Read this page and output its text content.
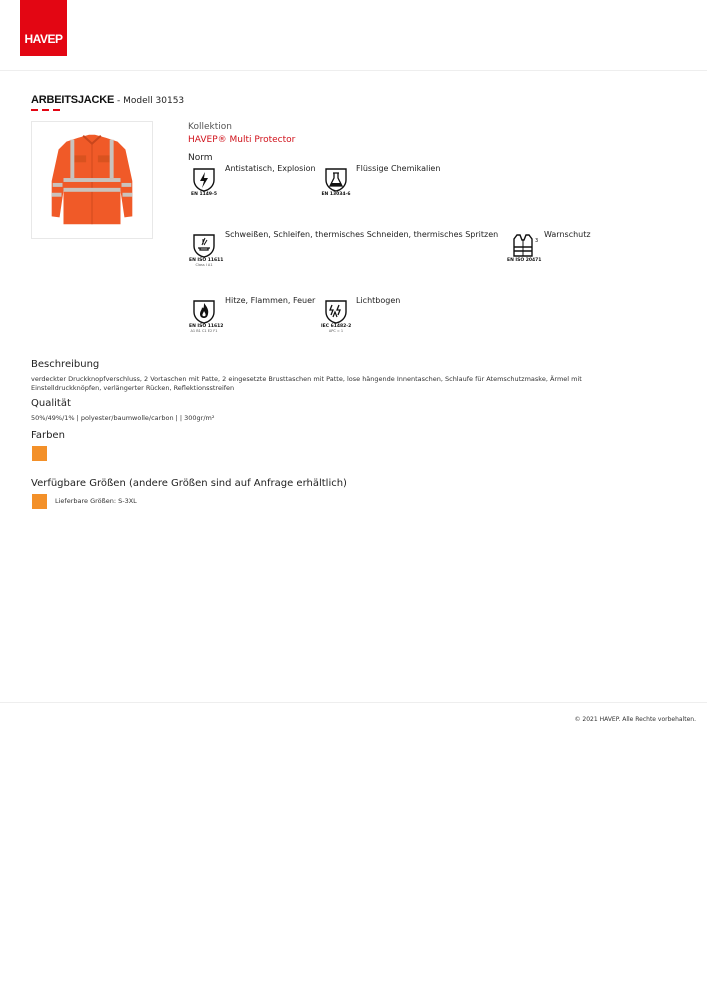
HAVEP
ARBEITSJACKE - Modell 30153
Kollektion
HAVEP® Multi Protector
Norm
EN 1149-5
Antistatisch, Explosion
EN 13034-6
Flüssige Chemikalien
EN ISO 11611
Class I A1
Schweißen, Schleifen, thermisches Schneiden, thermisches Spritzen
3
EN ISO 20471
Warnschutz
EN ISO 11612
A1 B1 C1 E2 F1
Hitze, Flammen, Feuer
IEC 61482-2
APC = 1
Lichtbogen
Beschreibung
verdeckter Druckknopfverschluss, 2 Vortaschen mit Patte, 2 eingesetzte Brusttaschen mit Patte, lose hängende Innentaschen, Schlaufe für Atemschutzmaske, Ärmel mit Einstelldruckknöpfen, verlängerter Rücken, Reflektionsstreifen
Qualität
50%/49%/1% | polyester/baumwolle/carbon | | 300gr/m²
Farben
Verfügbare Größen (andere Größen sind auf Anfrage erhältlich)
Lieferbare Größen: S-3XL
© 2021 HAVEP. Alle Rechte vorbehalten.
